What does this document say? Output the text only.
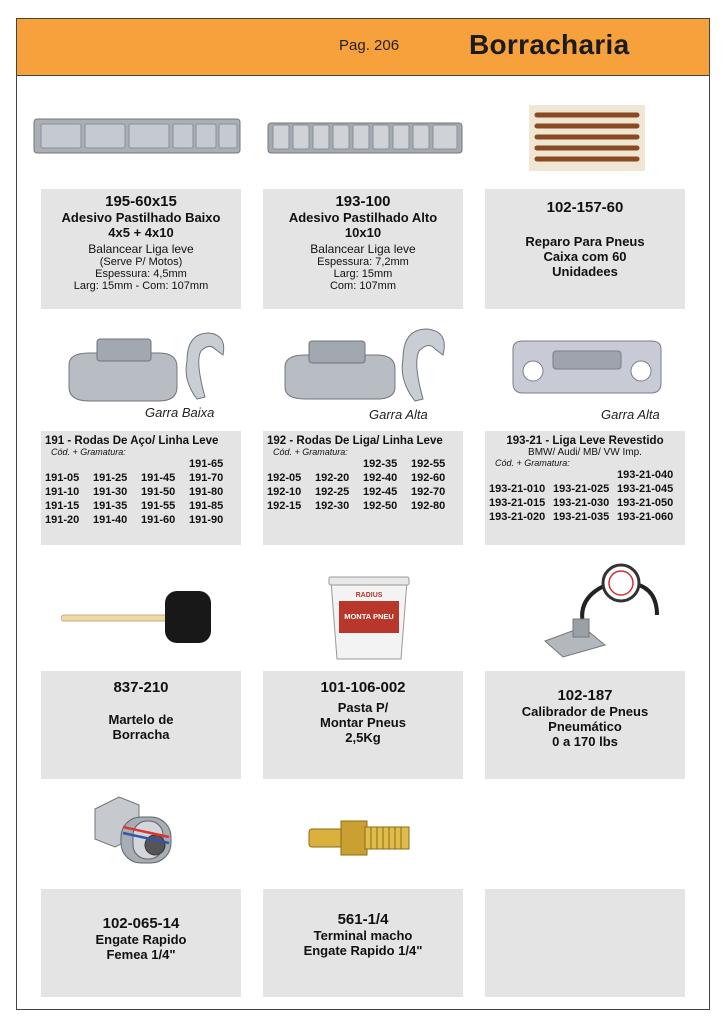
Pag. 206 Borracharia
195-60x15
Adesivo Pastilhado Baixo
4x5 + 4x10
Balancear Liga leve
(Serve P/ Motos)
Espessura: 4,5mm
Larg: 15mm - Com: 107mm
193-100
Adesivo Pastilhado Alto
10x10
Balancear Liga leve
Espessura: 7,2mm
Larg: 15mm
Com: 107mm
102-157-60
Reparo Para Pneus
Caixa com 60
Unidadees
Garra Baixa	Garra Alta	Garra Alta
191 - Rodas De Aço/ Linha Leve
Cód. + Gramatura:
			191-65
191-05	191-25	191-45	191-70
191-10	191-30	191-50	191-80
191-15	191-35	191-55	191-85
191-20	191-40	191-60	191-90
192 - Rodas De Liga/ Linha Leve
Cód. + Gramatura:
		192-35	192-55
192-05	192-20	192-40	192-60
192-10	192-25	192-45	192-70
192-15	192-30	192-50	192-80
193-21 - Liga Leve Revestido
BMW/ Audi/ MB/ VW Imp.
Cód. + Gramatura:
		193-21-040
193-21-010	193-21-025	193-21-045
193-21-015	193-21-030	193-21-050
193-21-020	193-21-035	193-21-060
RADIUS
MONTA PNEU
837-210
Martelo de
Borracha
101-106-002
Pasta P/
Montar Pneus
2,5Kg
102-187
Calibrador de Pneus
Pneumático
0 a 170 lbs
102-065-14
Engate Rapido
Femea 1/4"
561-1/4
Terminal macho
Engate Rapido 1/4"
